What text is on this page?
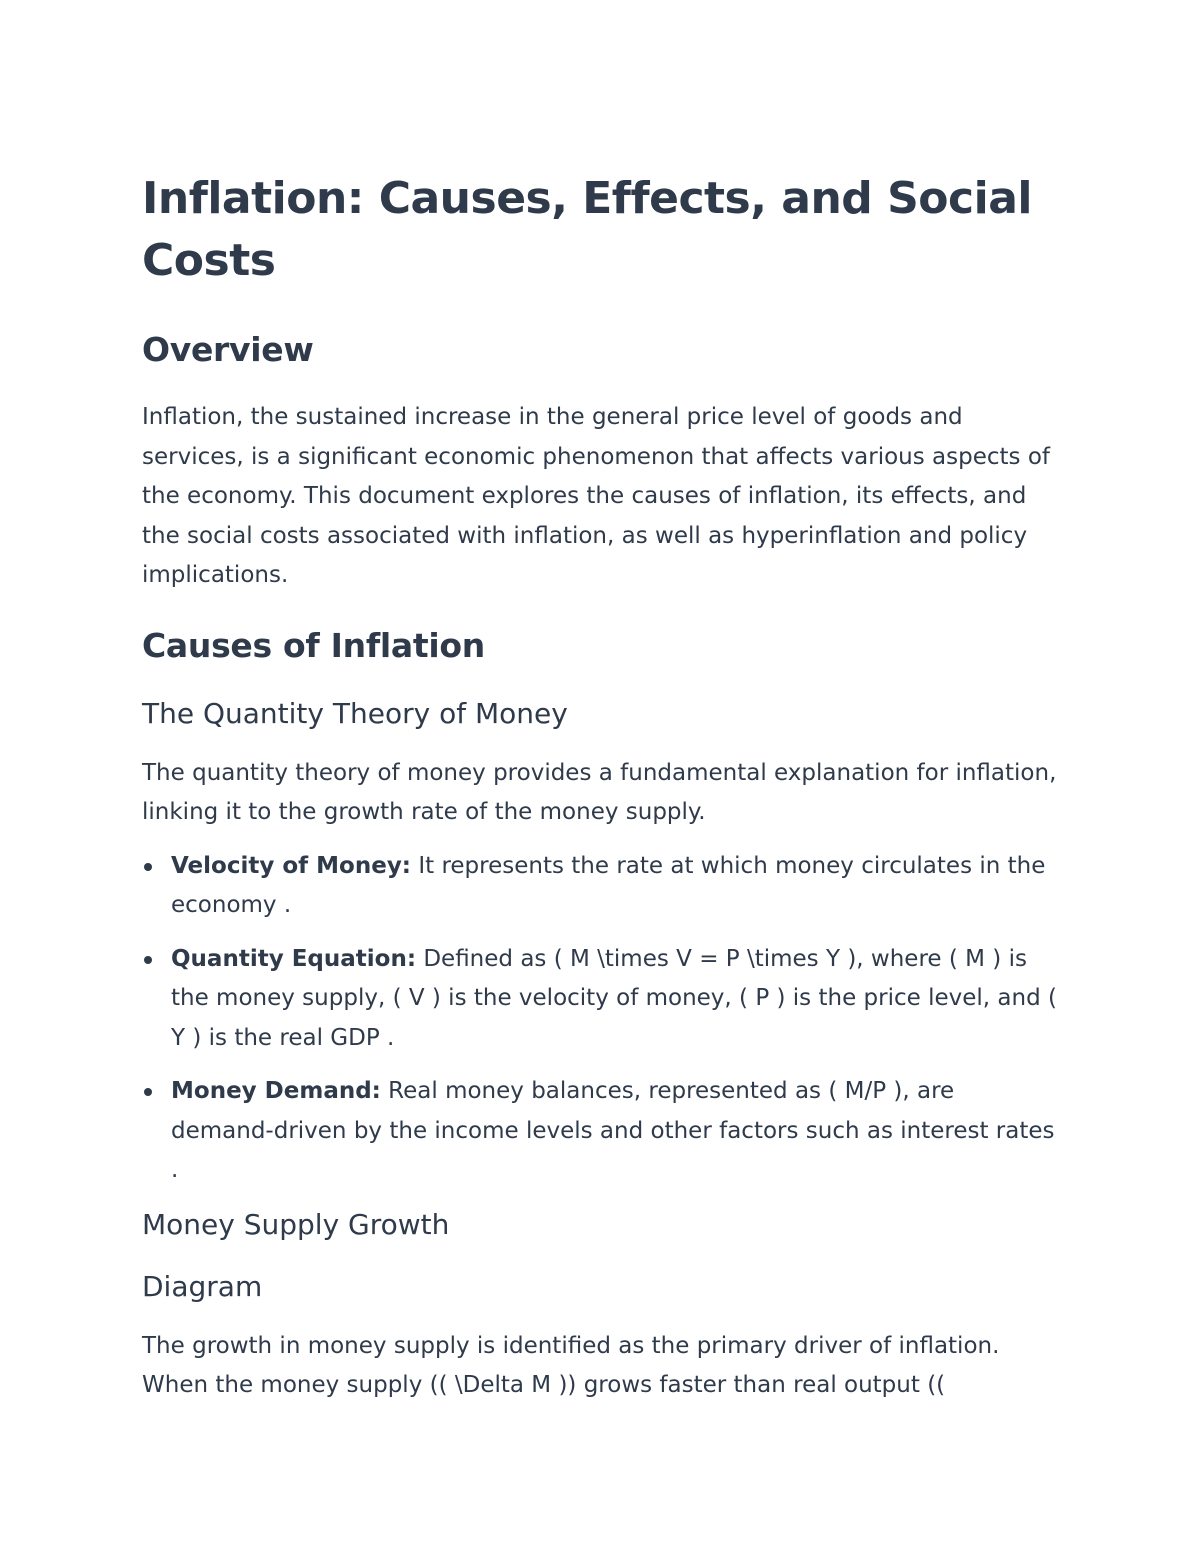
Inflation: Causes, Effects, and Social Costs
Overview

Inflation, the sustained increase in the general price level of goods and services, is a significant economic phenomenon that affects various aspects of the economy. This document explores the causes of inflation, its effects, and the social costs associated with inflation, as well as hyperinflation and policy implications.

Causes of Inflation
The Quantity Theory of Money

The quantity theory of money provides a fundamental explanation for inflation, linking it to the growth rate of the money supply.

Velocity of Money: It represents the rate at which money circulates in the economy .
Quantity Equation: Defined as ( M \times V = P \times Y ), where ( M ) is the money supply, ( V ) is the velocity of money, ( P ) is the price level, and ( Y ) is the real GDP .
Money Demand: Real money balances, represented as ( M/P ), are demand-driven by the income levels and other factors such as interest rates .
Money Supply Growth
Diagram

The growth in money supply is identified as the primary driver of inflation. When the money supply (( \Delta M )) grows faster than real output ((
